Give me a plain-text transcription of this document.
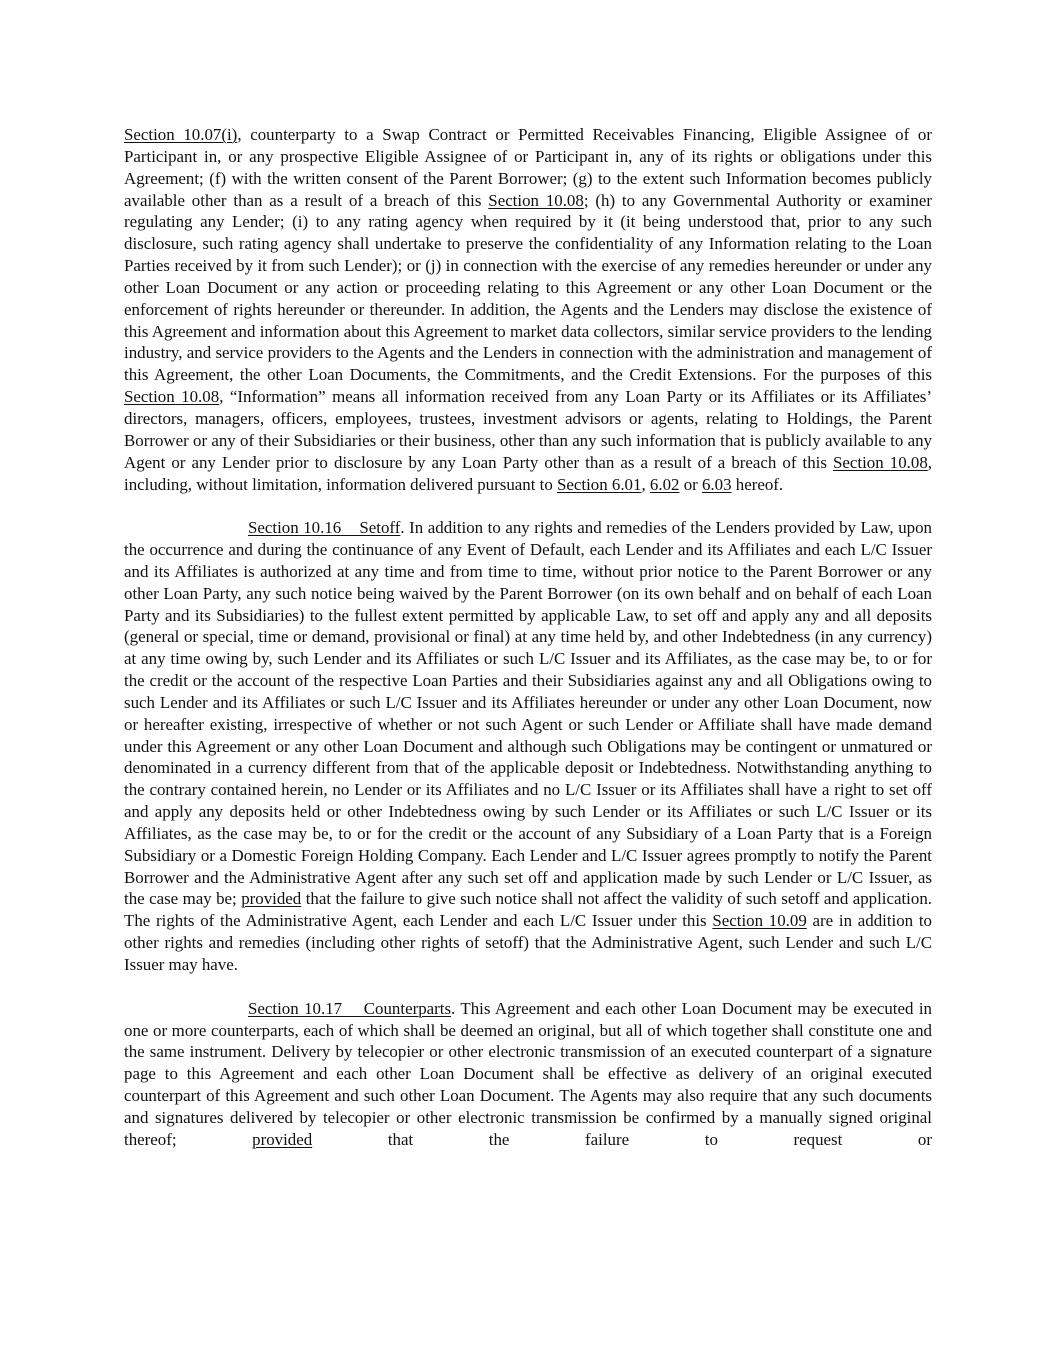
Section 10.07(i), counterparty to a Swap Contract or Permitted Receivables Financing, Eligible Assignee of or Participant in, or any prospective Eligible Assignee of or Participant in, any of its rights or obligations under this Agreement; (f) with the written consent of the Parent Borrower; (g) to the extent such Information becomes publicly available other than as a result of a breach of this Section 10.08; (h) to any Governmental Authority or examiner regulating any Lender; (i) to any rating agency when required by it (it being understood that, prior to any such disclosure, such rating agency shall undertake to preserve the confidentiality of any Information relating to the Loan Parties received by it from such Lender); or (j) in connection with the exercise of any remedies hereunder or under any other Loan Document or any action or proceeding relating to this Agreement or any other Loan Document or the enforcement of rights hereunder or thereunder. In addition, the Agents and the Lenders may disclose the existence of this Agreement and information about this Agreement to market data collectors, similar service providers to the lending industry, and service providers to the Agents and the Lenders in connection with the administration and management of this Agreement, the other Loan Documents, the Commitments, and the Credit Extensions. For the purposes of this Section 10.08, “Information” means all information received from any Loan Party or its Affiliates or its Affiliates’ directors, managers, officers, employees, trustees, investment advisors or agents, relating to Holdings, the Parent Borrower or any of their Subsidiaries or their business, other than any such information that is publicly available to any Agent or any Lender prior to disclosure by any Loan Party other than as a result of a breach of this Section 10.08, including, without limitation, information delivered pursuant to Section 6.01, 6.02 or 6.03 hereof.

Section 10.16    Setoff. In addition to any rights and remedies of the Lenders provided by Law, upon the occurrence and during the continuance of any Event of Default, each Lender and its Affiliates and each L/C Issuer and its Affiliates is authorized at any time and from time to time, without prior notice to the Parent Borrower or any other Loan Party, any such notice being waived by the Parent Borrower (on its own behalf and on behalf of each Loan Party and its Subsidiaries) to the fullest extent permitted by applicable Law, to set off and apply any and all deposits (general or special, time or demand, provisional or final) at any time held by, and other Indebtedness (in any currency) at any time owing by, such Lender and its Affiliates or such L/C Issuer and its Affiliates, as the case may be, to or for the credit or the account of the respective Loan Parties and their Subsidiaries against any and all Obligations owing to such Lender and its Affiliates or such L/C Issuer and its Affiliates hereunder or under any other Loan Document, now or hereafter existing, irrespective of whether or not such Agent or such Lender or Affiliate shall have made demand under this Agreement or any other Loan Document and although such Obligations may be contingent or unmatured or denominated in a currency different from that of the applicable deposit or Indebtedness. Notwithstanding anything to the contrary contained herein, no Lender or its Affiliates and no L/C Issuer or its Affiliates shall have a right to set off and apply any deposits held or other Indebtedness owing by such Lender or its Affiliates or such L/C Issuer or its Affiliates, as the case may be, to or for the credit or the account of any Subsidiary of a Loan Party that is a Foreign Subsidiary or a Domestic Foreign Holding Company. Each Lender and L/C Issuer agrees promptly to notify the Parent Borrower and the Administrative Agent after any such set off and application made by such Lender or L/C Issuer, as the case may be; provided that the failure to give such notice shall not affect the validity of such setoff and application. The rights of the Administrative Agent, each Lender and each L/C Issuer under this Section 10.09 are in addition to other rights and remedies (including other rights of setoff) that the Administrative Agent, such Lender and such L/C Issuer may have.

Section 10.17    Counterparts. This Agreement and each other Loan Document may be executed in one or more counterparts, each of which shall be deemed an original, but all of which together shall constitute one and the same instrument. Delivery by telecopier or other electronic transmission of an executed counterpart of a signature page to this Agreement and each other Loan Document shall be effective as delivery of an original executed counterpart of this Agreement and such other Loan Document. The Agents may also require that any such documents and signatures delivered by telecopier or other electronic transmission be confirmed by a manually signed original thereof; provided that the failure to request or
